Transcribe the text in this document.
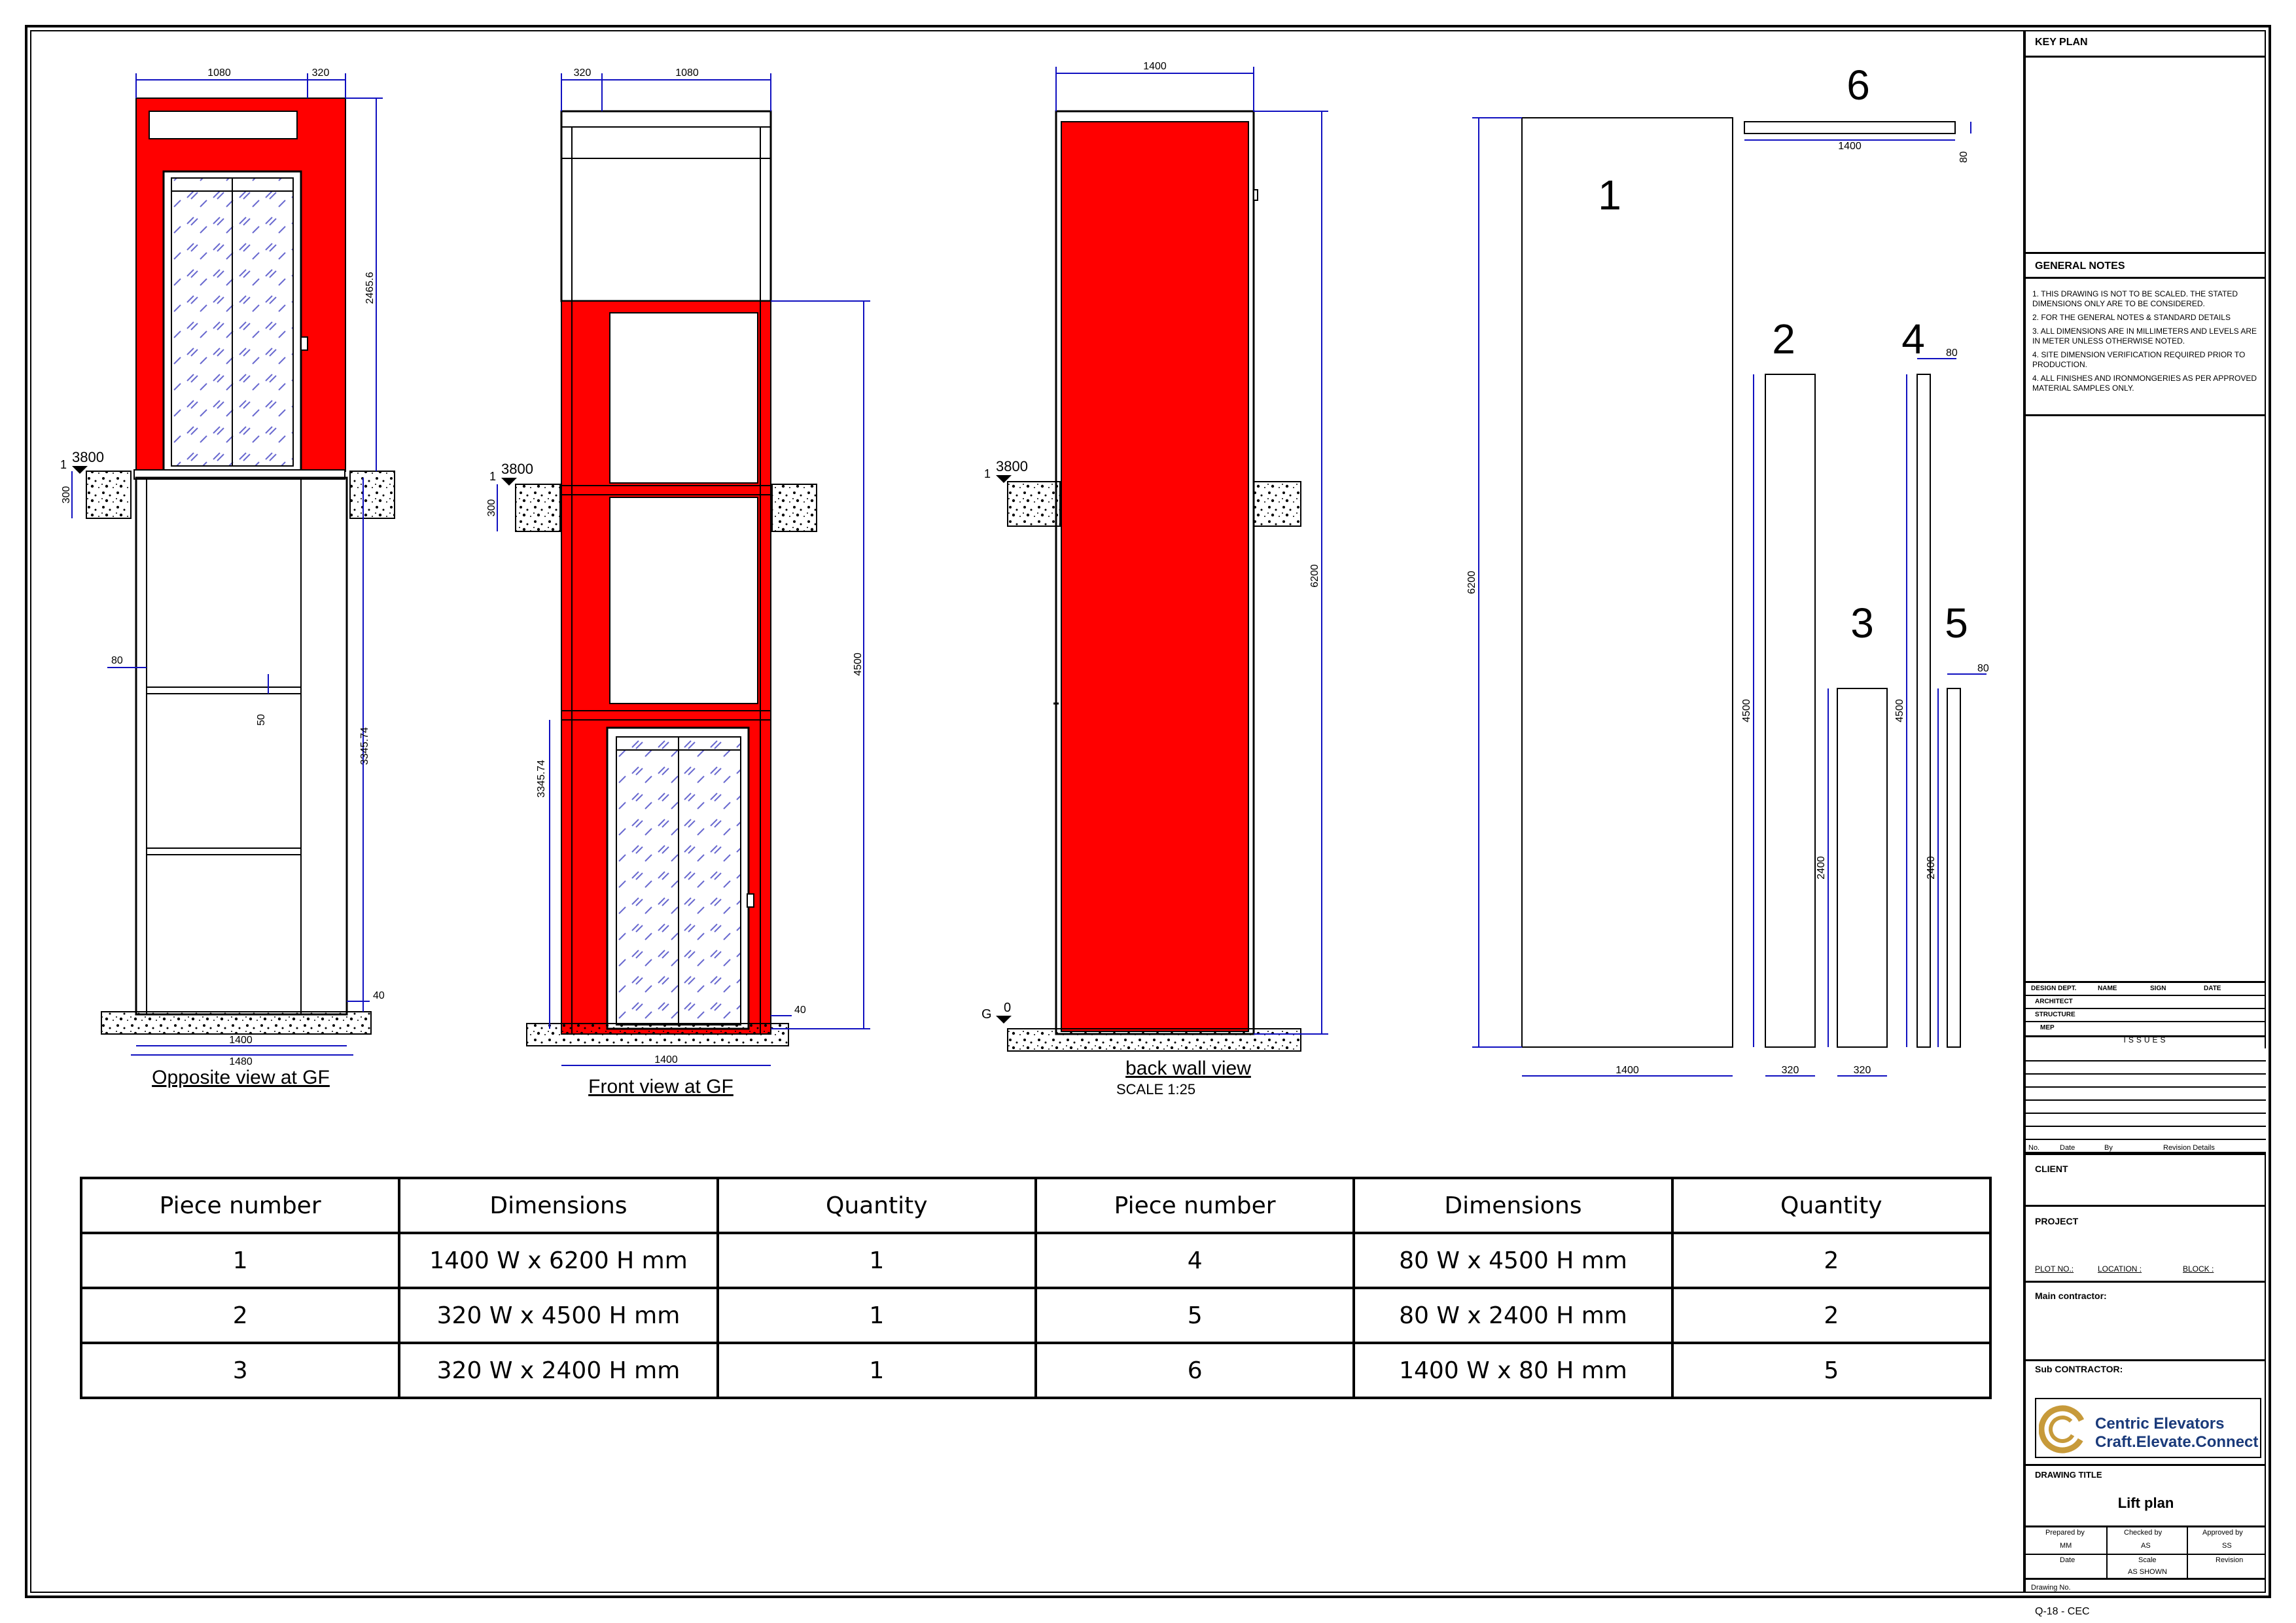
1080	320
2465.6
3345.74
80
50
300
1400
1480
40
3800
1
Opposite view at GF
320	1080
4500
3345.74
300
1400
40
3800
1
Front view at GF
1400
6200
3800
1
0
G
back wall view
SCALE 1:25
6200
1400
4500
320
2400
320
4500
80
2400
80
1400
80
1
2
3
4
5
6
Piece number	Dimensions	Quantity	Piece number	Dimensions	Quantity
1	1400 W x 6200 H mm	1	4	80 W x 4500 H mm	2
2	320 W x 4500 H mm	1	5	80 W x 2400 H mm	2
3	320 W x 2400 H mm	1	6	1400 W x 80 H mm	5
KEY PLAN
GENERAL NOTES
1. THIS DRAWING IS NOT TO BE SCALED. THE STATED DIMENSIONS ONLY ARE TO BE CONSIDERED.
2. FOR THE GENERAL NOTES & STANDARD DETAILS
3. ALL DIMENSIONS ARE IN MILLIMETERS AND LEVELS ARE IN METER UNLESS OTHERWISE NOTED.
4. SITE DIMENSION VERIFICATION REQUIRED PRIOR TO PRODUCTION.
4. ALL FINISHES AND IRONMONGERIES AS PER APPROVED MATERIAL SAMPLES ONLY.
DESIGN DEPT.	NAME	SIGN	DATE
ARCHITECT
STRUCTURE
MEP
ISSUES
No.	Date	By	Revision Details
CLIENT
PROJECT
PLOT NO.:	LOCATION :	BLOCK :
Main contractor:
Sub CONTRACTOR:
Centric Elevators
Craft.Elevate.Connect
DRAWING TITLE
Lift plan
Prepared by	Checked by	Approved by
MM	AS	SS
Date	Scale	Revision
AS SHOWN
Drawing No.
Q-18 - CEC
